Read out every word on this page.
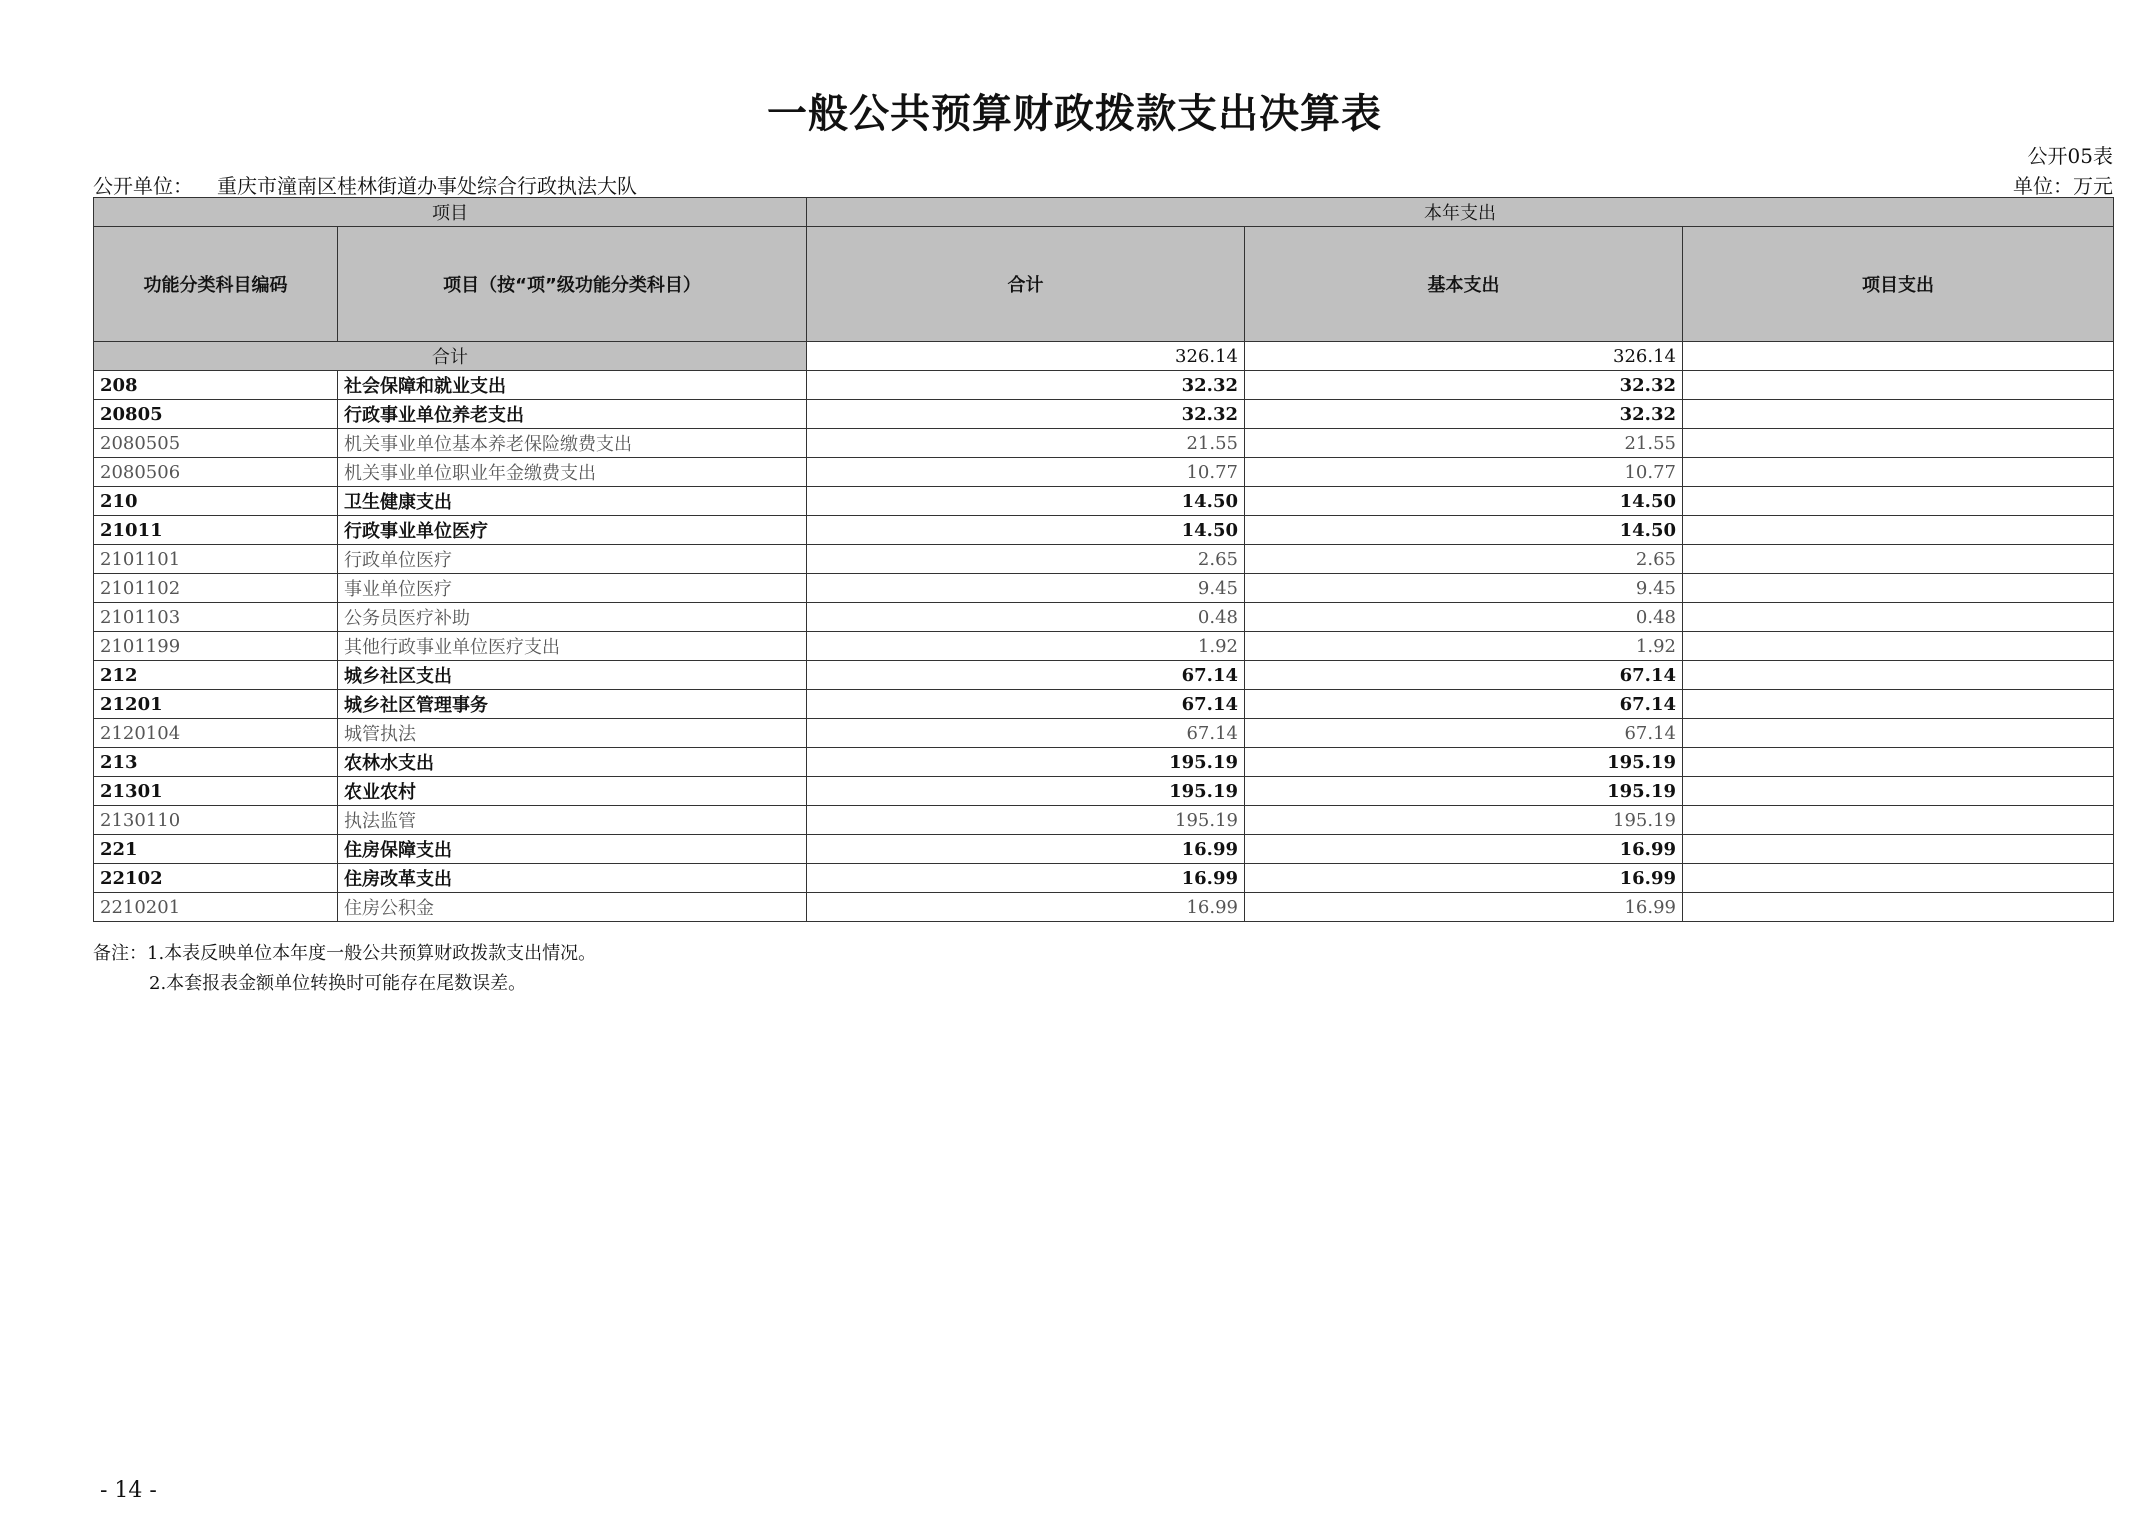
一般公共预算财政拨款支出决算表
公开05表
公开单位： 重庆市潼南区桂林街道办事处综合行政执法大队	单位：万元
项目		本年支出		
功能分类科目编码	项目（按“项”级功能分类科目）	合计	基本支出	项目支出
合计		326.14	326.14	
208	社会保障和就业支出	32.32	32.32	
20805	行政事业单位养老支出	32.32	32.32	
2080505	机关事业单位基本养老保险缴费支出	21.55	21.55	
2080506	机关事业单位职业年金缴费支出	10.77	10.77	
210	卫生健康支出	14.50	14.50	
21011	行政事业单位医疗	14.50	14.50	
2101101	行政单位医疗	2.65	2.65	
2101102	事业单位医疗	9.45	9.45	
2101103	公务员医疗补助	0.48	0.48	
2101199	其他行政事业单位医疗支出	1.92	1.92	
212	城乡社区支出	67.14	67.14	
21201	城乡社区管理事务	67.14	67.14	
2120104	城管执法	67.14	67.14	
213	农林水支出	195.19	195.19	
21301	农业农村	195.19	195.19	
2130110	执法监管	195.19	195.19	
221	住房保障支出	16.99	16.99	
22102	住房改革支出	16.99	16.99	
2210201	住房公积金	16.99	16.99	
备注：1.本表反映单位本年度一般公共预算财政拨款支出情况。
2.本套报表金额单位转换时可能存在尾数误差。
- 14 -
